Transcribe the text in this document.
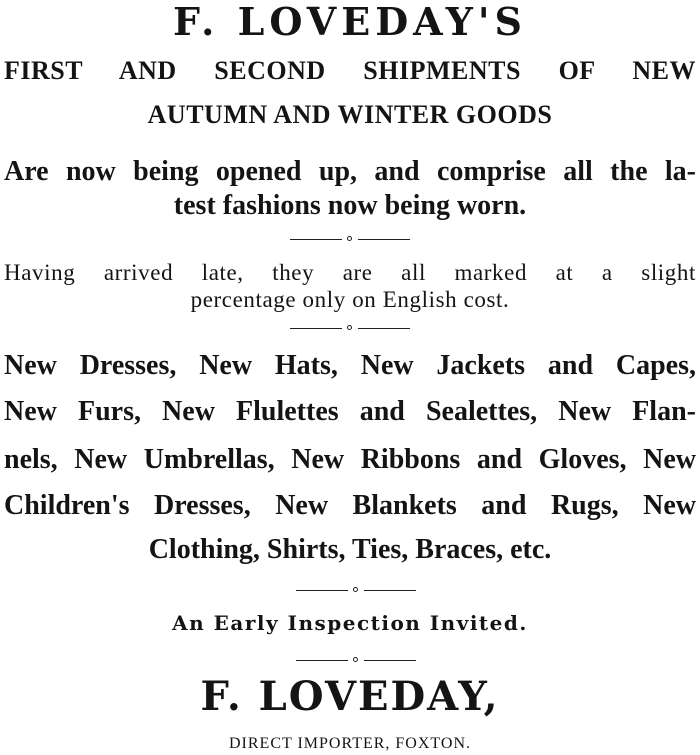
F. LOVEDAY'S

FIRST AND SECOND SHIPMENTS OF NEW

AUTUMN AND WINTER GOODS

Are now being opened up, and comprise all the la-

test fashions now being worn.

Having arrived late, they are all marked at a slight

percentage only on English cost.

New Dresses, New Hats, New Jackets and Capes,

New Furs, New Flulettes and Sealettes, New Flan-

nels, New Umbrellas, New Ribbons and Gloves, New

Children's Dresses, New Blankets and Rugs, New

Clothing, Shirts, Ties, Braces, etc.

An Early Inspection Invited.

F. LOVEDAY,

DIRECT IMPORTER, FOXTON.
